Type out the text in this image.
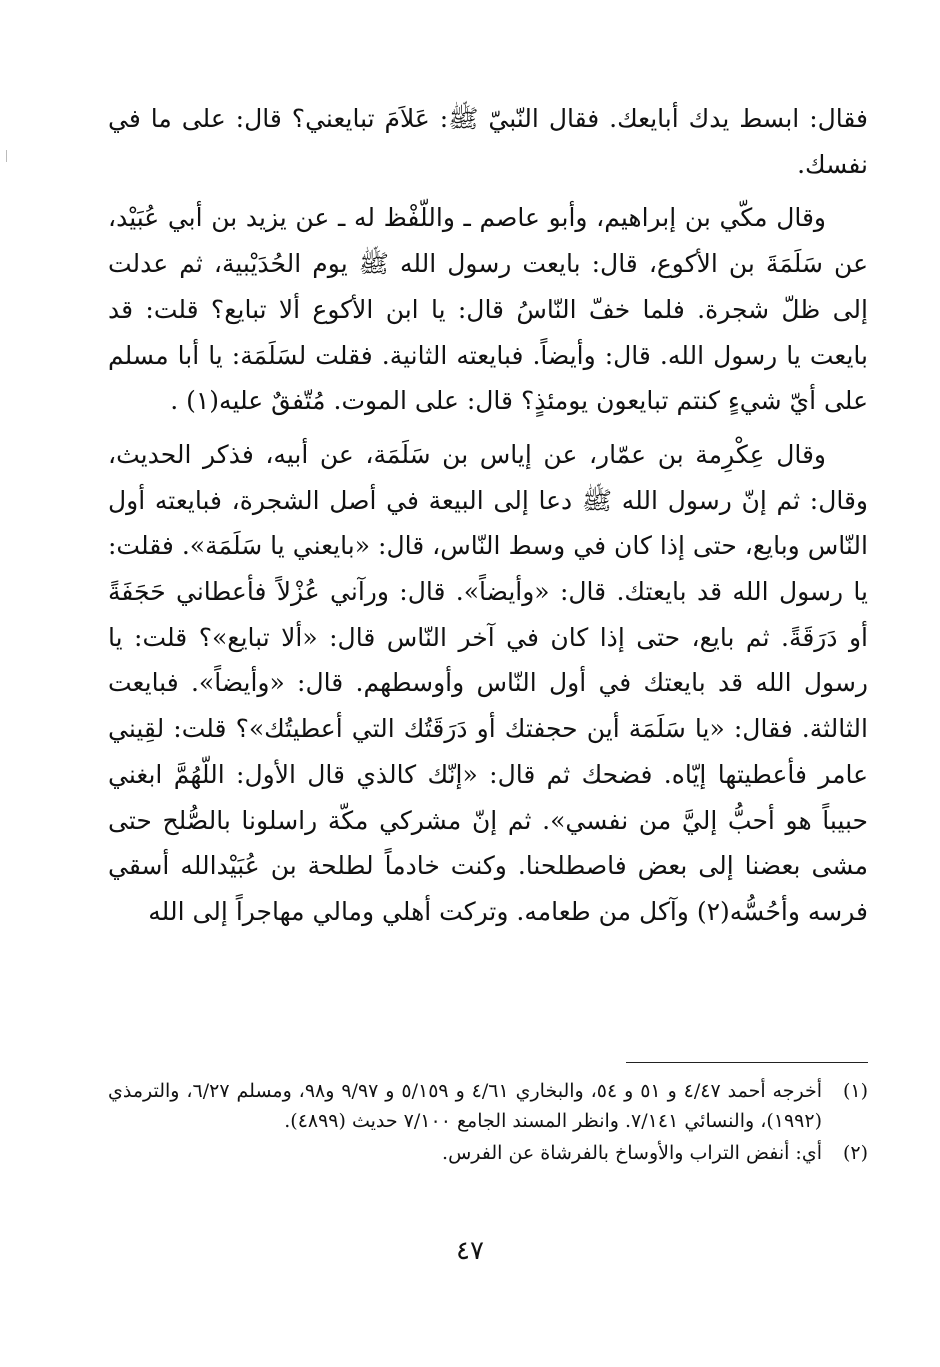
فقال: ابسط يدك أبايعك. فقال النّبيّ ﷺ: عَلاَمَ تبايعني؟ قال: على ما في نفسك.

وقال مكّي بن إبراهيم، وأبو عاصم ـ واللّفْظ له ـ عن يزيد بن أبي عُبَيْد، عن سَلَمَةَ بن الأكوع، قال: بايعت رسول الله ﷺ يوم الحُدَيْبية، ثم عدلت إلى ظلّ شجرة. فلما خفّ النّاسُ قال: يا ابن الأكوع ألا تبايع؟ قلت: قد بايعت يا رسول الله. قال: وأيضاً. فبايعته الثانية. فقلت لسَلَمَة: يا أبا مسلم على أيّ شيءٍ كنتم تبايعون يومئذٍ؟ قال: على الموت. مُتّفقٌ عليه(١) .

وقال عِكْرِمة بن عمّار، عن إياس بن سَلَمَة، عن أبيه، فذكر الحديث، وقال: ثم إنّ رسول الله ﷺ دعا إلى البيعة في أصل الشجرة، فبايعته أول النّاس وبايع، حتى إذا كان في وسط النّاس، قال: «بايعني يا سَلَمَة». فقلت: يا رسول الله قد بايعتك. قال: «وأيضاً». قال: ورآني عُزْلاً فأعطاني حَجَفَةً أو دَرَقَةً. ثم بايع، حتى إذا كان في آخر النّاس قال: «ألا تبايع»؟ قلت: يا رسول الله قد بايعتك في أول النّاس وأوسطهم. قال: «وأيضاً». فبايعت الثالثة. فقال: «يا سَلَمَة أين حجفتك أو دَرَقَتُك التي أعطيتُك»؟ قلت: لقِيني عامر فأعطيتها إيّاه. فضحك ثم قال: «إنّك كالذي قال الأول: اللّهُمَّ ابغني حبيباً هو أحبُّ إليَّ من نفسي». ثم إنّ مشركي مكّة راسلونا بالصُّلح حتى مشى بعضنا إلى بعض فاصطلحنا. وكنت خادماً لطلحة بن عُبَيْدالله أسقي فرسه وأحُسُّه(٢) وآكل من طعامه. وتركت أهلي ومالي مهاجراً إلى الله

(١)
أخرجه أحمد ٤/٤٧ و ٥١ و ٥٤، والبخاري ٤/٦١ و ٥/١٥٩ و ٩/٩٧ و٩٨، ومسلم ٦/٢٧، والترمذي (١٩٩٢)، والنسائي ٧/١٤١. وانظر المسند الجامع ٧/١٠٠ حديث (٤٨٩٩).
(٢)
أي: أنفض التراب والأوساخ بالفرشاة عن الفرس.
٤٧
